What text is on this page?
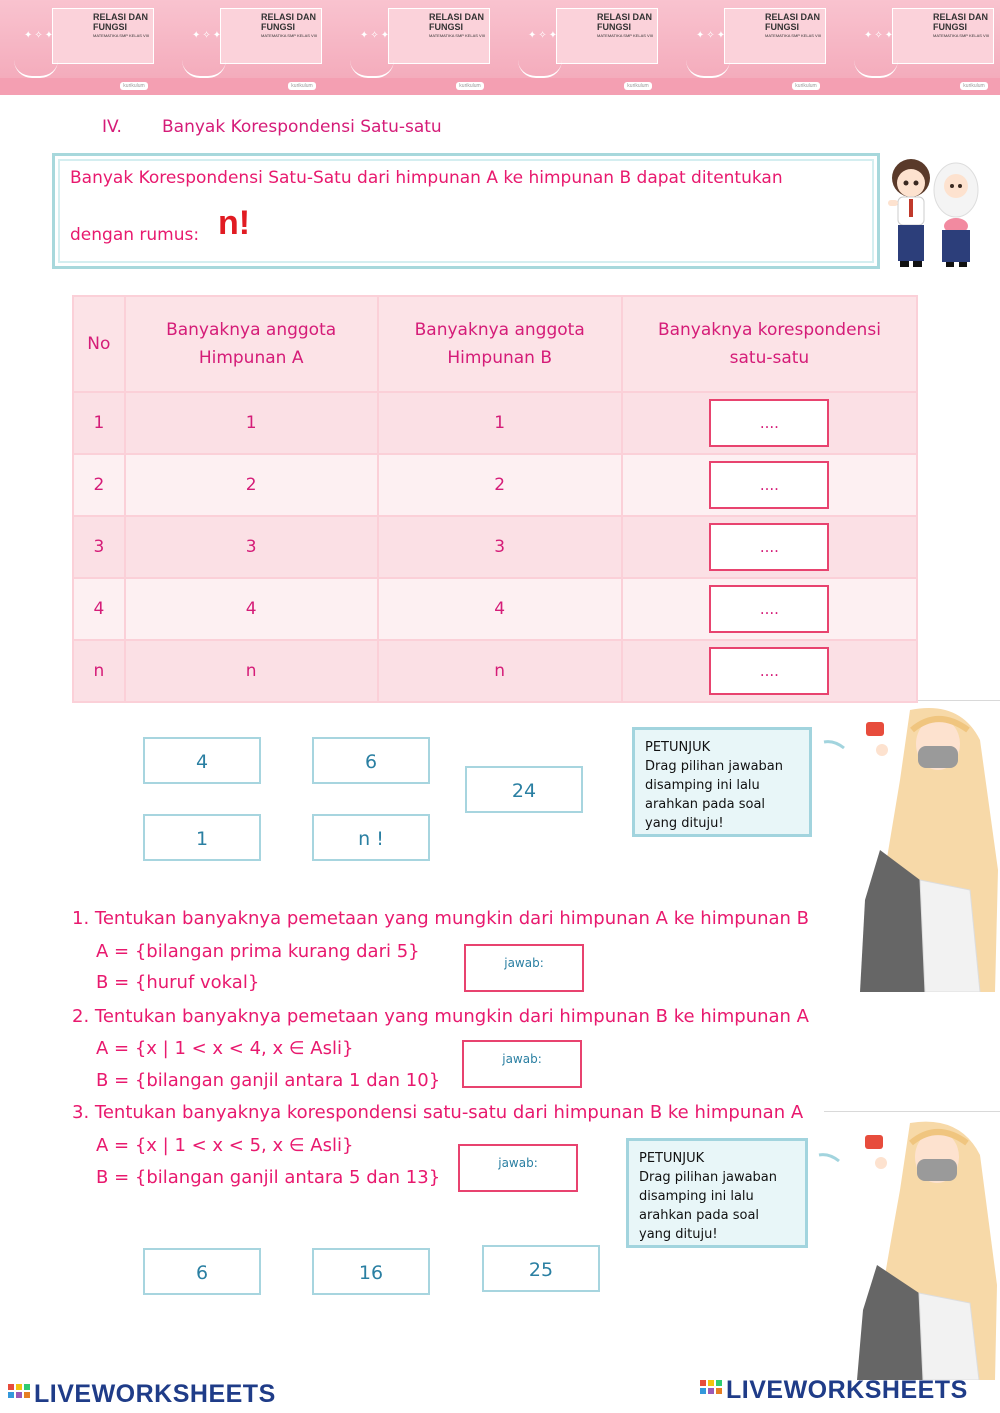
RELASI DAN FUNGSI
MATEMATIKA SMP KELAS VIII
✦✧✦
kurikulum
RELASI DAN FUNGSI
MATEMATIKA SMP KELAS VIII
✦✧✦
kurikulum
RELASI DAN FUNGSI
MATEMATIKA SMP KELAS VIII
✦✧✦
kurikulum
RELASI DAN FUNGSI
MATEMATIKA SMP KELAS VIII
✦✧✦
kurikulum
RELASI DAN FUNGSI
MATEMATIKA SMP KELAS VIII
✦✧✦
kurikulum
RELASI DAN FUNGSI
MATEMATIKA SMP KELAS VIII
✦✧✦
kurikulum
IV. Banyak Korespondensi Satu-satu
Banyak Korespondensi Satu-Satu dari himpunan A ke himpunan B dapat ditentukan
dengan rumus: n!
No	Banyaknya anggota Himpunan A	Banyaknya anggota Himpunan B	Banyaknya korespondensi satu-satu
1	1	1	....
2	2	2	....
3	3	3	....
4	4	4	....
n	n	n	....
4	6
24
1	n !
PETUNJUK
Drag pilihan jawaban disamping ini lalu arahkan pada soal yang dituju!
1. Tentukan banyaknya pemetaan yang mungkin dari himpunan A ke himpunan B
A = {bilangan prima kurang dari 5}
B = {huruf vokal}
jawab:
2. Tentukan banyaknya pemetaan yang mungkin dari himpunan B ke himpunan A
A = {x | 1 < x < 4, x ∈ Asli}
B = {bilangan ganjil antara 1 dan 10}
jawab:
3. Tentukan banyaknya korespondensi satu-satu dari himpunan B ke himpunan A
A = {x | 1 < x < 5, x ∈ Asli}
B = {bilangan ganjil antara 5 dan 13}
jawab:	PETUNJUK
Drag pilihan jawaban disamping ini lalu arahkan pada soal yang dituju!
6	16	25
LIVEWORKSHEETS	LIVEWORKSHEETS
